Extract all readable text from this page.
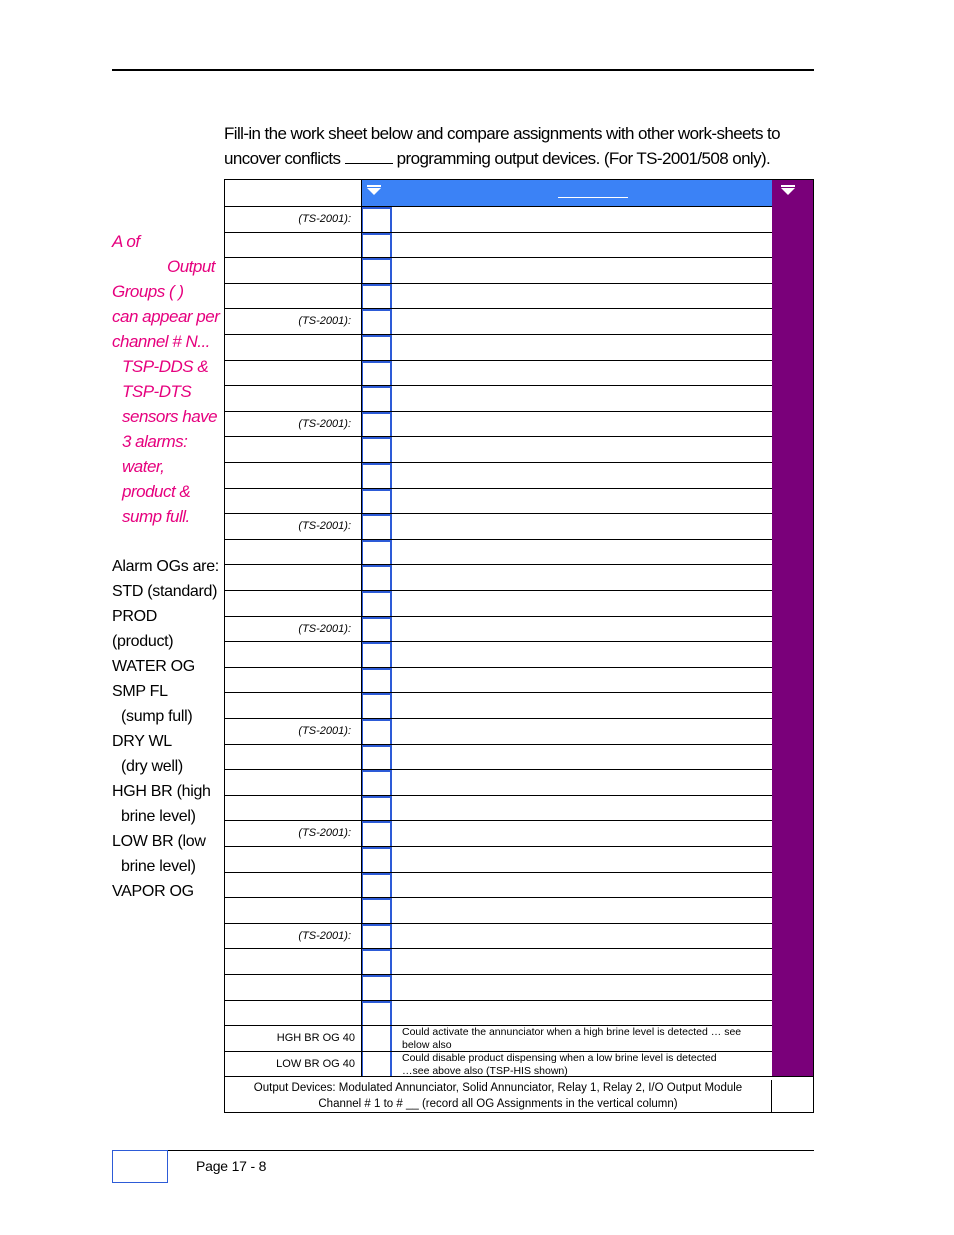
Fill-in the work sheet below and compare assignments with other work-sheets to
uncover conflicts	programming output devices. (For TS-2001/508 only).
A of
Output
Groups ( )
can appear per
channel # N...
TSP-DDS &
TSP-DTS
sensors have
3 alarms:
water,
product &
sump full.
Alarm OGs are:
STD (standard)
PROD
(product)
WATER OG
SMP FL
(sump full)
DRY WL
(dry well)
HGH BR (high
brine level)
LOW BR (low
brine level)
VAPOR OG
(TS-2001):
(TS-2001):
(TS-2001):
(TS-2001):
(TS-2001):
(TS-2001):
(TS-2001):
(TS-2001):
HGH BR OG 40	Could activate the annunciator when a high brine level is detected … see
below also
LOW BR OG 40	Could disable product dispensing when a low brine level is detected
…see above also (TSP-HIS shown)
Output Devices: Modulated Annunciator, Solid Annunciator, Relay 1, Relay 2, I/O Output Module
Channel # 1 to # __ (record all OG Assignments in the vertical column)
Page 17 - 8
